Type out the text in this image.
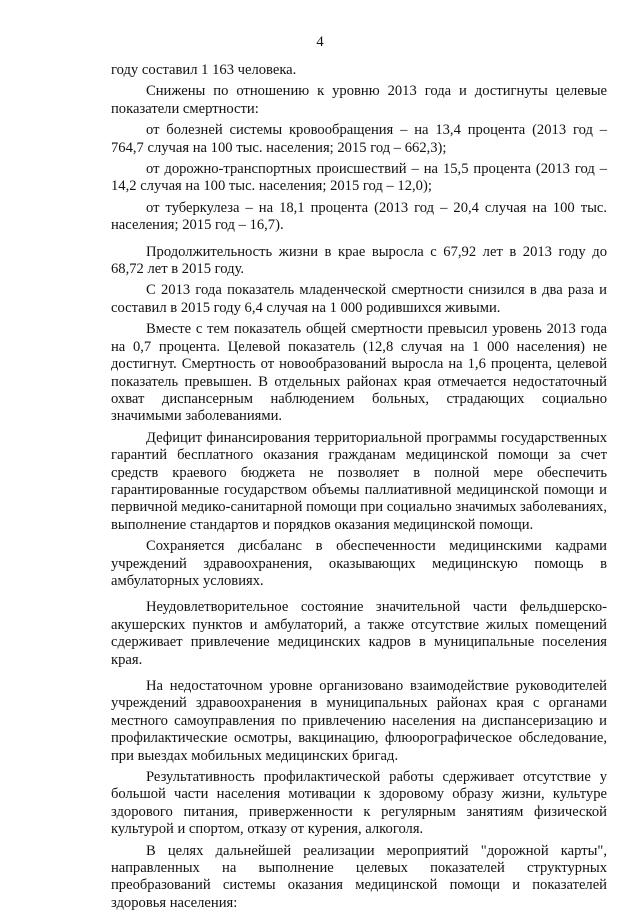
4

году составил 1 163 человека.

Снижены по отношению к уровню 2013 года и достигнуты целевые показатели смертности:

от болезней системы кровообращения – на 13,4 процента (2013 год – 764,7 случая на 100 тыс. населения; 2015 год – 662,3);

от дорожно-транспортных происшествий – на 15,5 процента (2013 год – 14,2 случая на 100 тыс. населения; 2015 год – 12,0);

от туберкулеза – на 18,1 процента (2013 год – 20,4 случая на 100 тыс. населения; 2015 год – 16,7).

Продолжительность жизни в крае выросла с 67,92 лет в 2013 году до 68,72 лет в 2015 году.

С 2013 года показатель младенческой смертности снизился в два раза и составил в 2015 году 6,4 случая на 1 000 родившихся живыми.

Вместе с тем показатель общей смертности превысил уровень 2013 года на 0,7 процента. Целевой показатель (12,8 случая на 1 000 населения) не достигнут. Смертность от новообразований выросла на 1,6 процента, целевой показатель превышен. В отдельных районах края отмечается недостаточный охват диспансерным наблюдением больных, страдающих социально значимыми заболеваниями.

Дефицит финансирования территориальной программы государственных гарантий бесплатного оказания гражданам медицинской помощи за счет средств краевого бюджета не позволяет в полной мере обеспечить гарантированные государством объемы паллиативной медицинской помощи и первичной медико-санитарной помощи при социально значимых заболеваниях, выполнение стандартов и порядков оказания медицинской помощи.

Сохраняется дисбаланс в обеспеченности медицинскими кадрами учреждений здравоохранения, оказывающих медицинскую помощь в амбулаторных условиях.

Неудовлетворительное состояние значительной части фельдшерско-акушерских пунктов и амбулаторий, а также отсутствие жилых помещений сдерживает привлечение медицинских кадров в муниципальные поселения края.

На недостаточном уровне организовано взаимодействие руководителей учреждений здравоохранения в муниципальных районах края с органами местного самоуправления по привлечению населения на диспансеризацию и профилактические осмотры, вакцинацию, флюорографическое обследование, при выездах мобильных медицинских бригад.

Результативность профилактической работы сдерживает отсутствие у большой части населения мотивации к здоровому образу жизни, культуре здорового питания, приверженности к регулярным занятиям физической культурой и спортом, отказу от курения, алкоголя.

В целях дальнейшей реализации мероприятий "дорожной карты", направленных на выполнение целевых показателей структурных преобразований системы оказания медицинской помощи и показателей здоровья населения:
